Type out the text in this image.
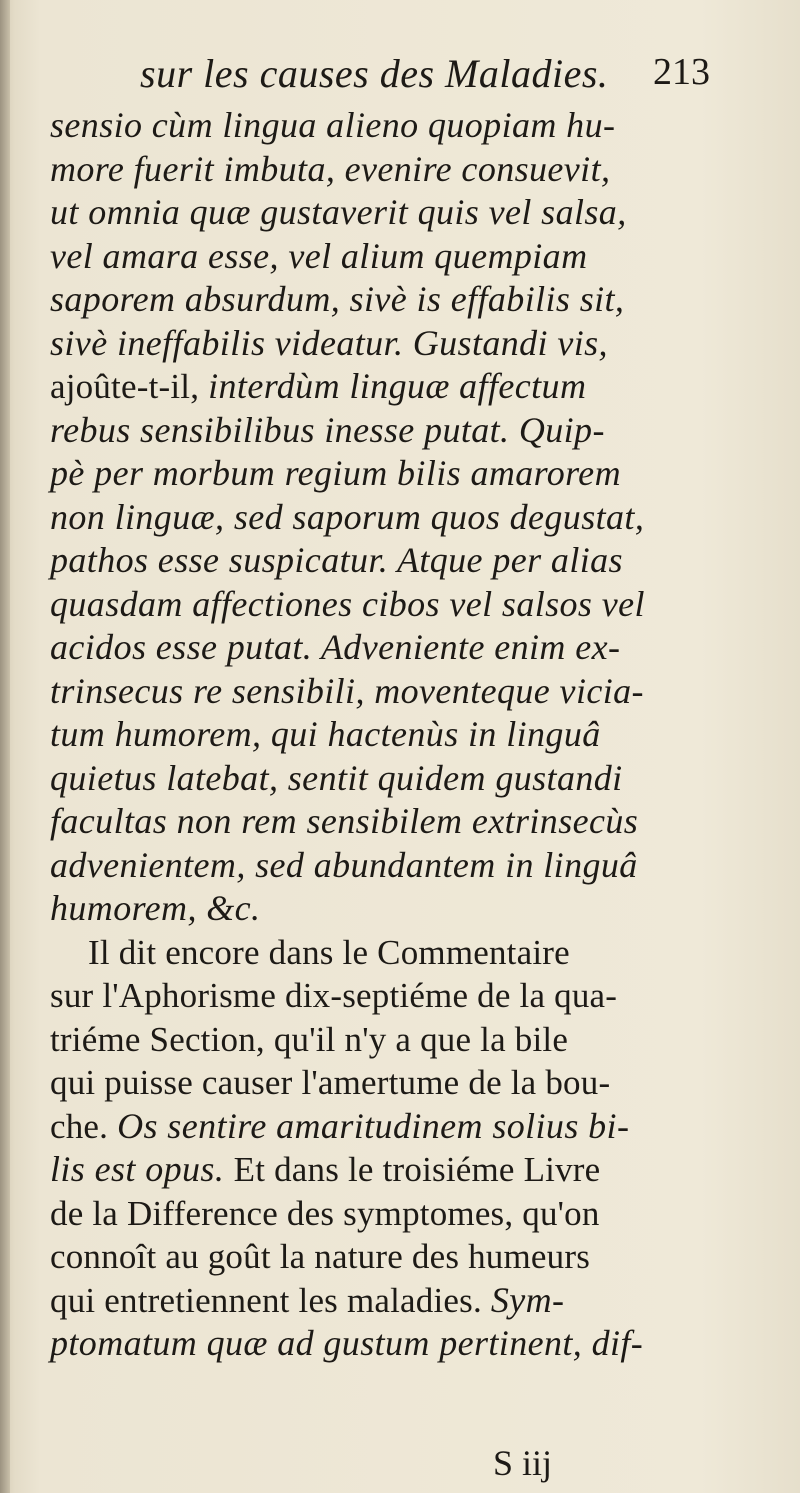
sur les causes des Maladies. 213
sensio cùm lingua alieno quopiam hu-
more fuerit imbuta, evenire consuevit,
ut omnia quæ gustaverit quis vel salsa,
vel amara esse, vel alium quempiam
saporem absurdum, sivè is effabilis sit,
sivè ineffabilis videatur. Gustandi vis,
ajoûte-t-il, interdùm linguæ affectum
rebus sensibilibus inesse putat. Quip-
pè per morbum regium bilis amarorem
non linguæ, sed saporum quos degustat,
pathos esse suspicatur. Atque per alias
quasdam affectiones cibos vel salsos vel
acidos esse putat. Adveniente enim ex-
trinsecus re sensibili, moventeque vicia-
tum humorem, qui hactenùs in linguâ
quietus latebat, sentit quidem gustandi
facultas non rem sensibilem extrinsecùs
advenientem, sed abundantem in linguâ
humorem, &c.
Il dit encore dans le Commentaire
sur l'Aphorisme dix-septiéme de la qua-
triéme Section, qu'il n'y a que la bile
qui puisse causer l'amertume de la bou-
che. Os sentire amaritudinem solius bi-
lis est opus. Et dans le troisiéme Livre
de la Difference des symptomes, qu'on
connoît au goût la nature des humeurs
qui entretiennent les maladies. Sym-
ptomatum quæ ad gustum pertinent, dif-
S iij
